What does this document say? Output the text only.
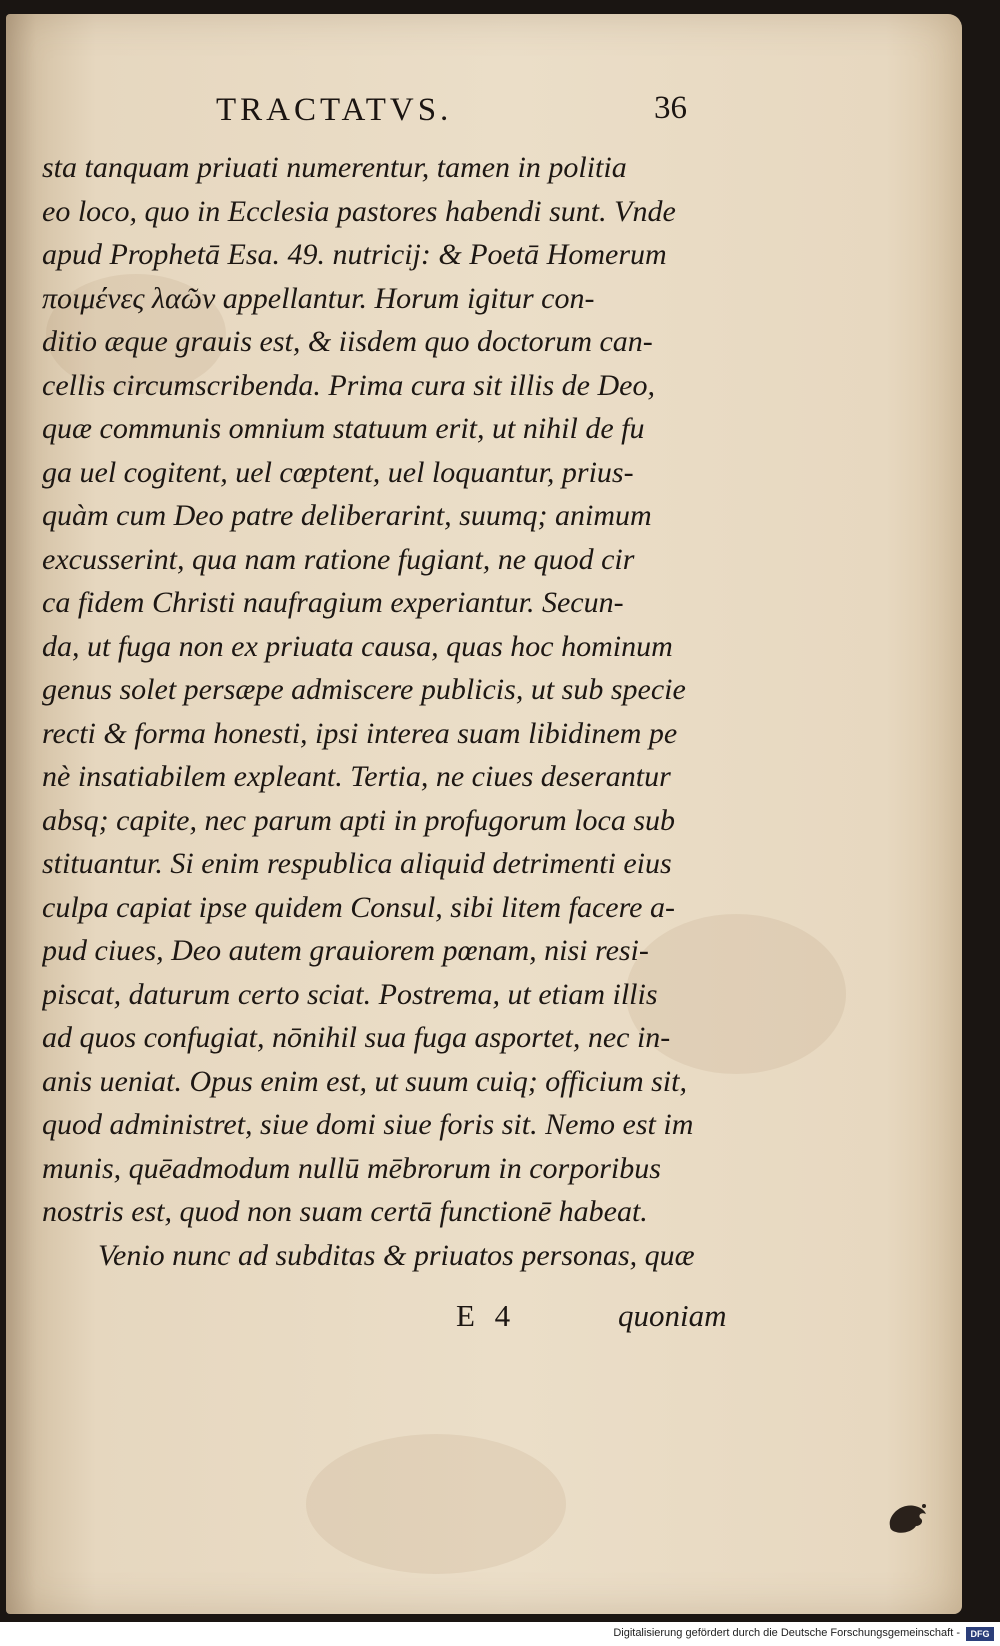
TRACTATVS.	36
sta tanquam priuati numerentur, tamen in politia
eo loco, quo in Ecclesia pastores habendi sunt. Vnde
apud Prophetā Esa. 49. nutricij: & Poetā Homerum
ποιμένες λαῶν appellantur. Horum igitur con-
ditio æque grauis est, & iisdem quo doctorum can-
cellis circumscribenda. Prima cura sit illis de Deo,
quæ communis omnium statuum erit, ut nihil de fu
ga uel cogitent, uel cœptent, uel loquantur, prius-
quàm cum Deo patre deliberarint, suumq; animum
excusserint, qua nam ratione fugiant, ne quod cir
ca fidem Christi naufragium experiantur. Secun-
da, ut fuga non ex priuata causa, quas hoc hominum
genus solet persæpe admiscere publicis, ut sub specie
recti & forma honesti, ipsi interea suam libidinem pe
nè insatiabilem expleant. Tertia, ne ciues deserantur
absq; capite, nec parum apti in profugorum loca sub
stituantur. Si enim respublica aliquid detrimenti eius
culpa capiat ipse quidem Consul, sibi litem facere a-
pud ciues, Deo autem grauiorem pœnam, nisi resi-
piscat, daturum certo sciat. Postrema, ut etiam illis
ad quos confugiat, nōnihil sua fuga asportet, nec in-
anis ueniat. Opus enim est, ut suum cuiq; officium sit,
quod administret, siue domi siue foris sit. Nemo est im
munis, quēadmodum nullū mēbrorum in corporibus
nostris est, quod non suam certā functionē habeat.
Venio nunc ad subditas & priuatos personas, quæ
E 4	quoniam
Digitalisierung gefördert durch die Deutsche Forschungsgemeinschaft -	DFG
